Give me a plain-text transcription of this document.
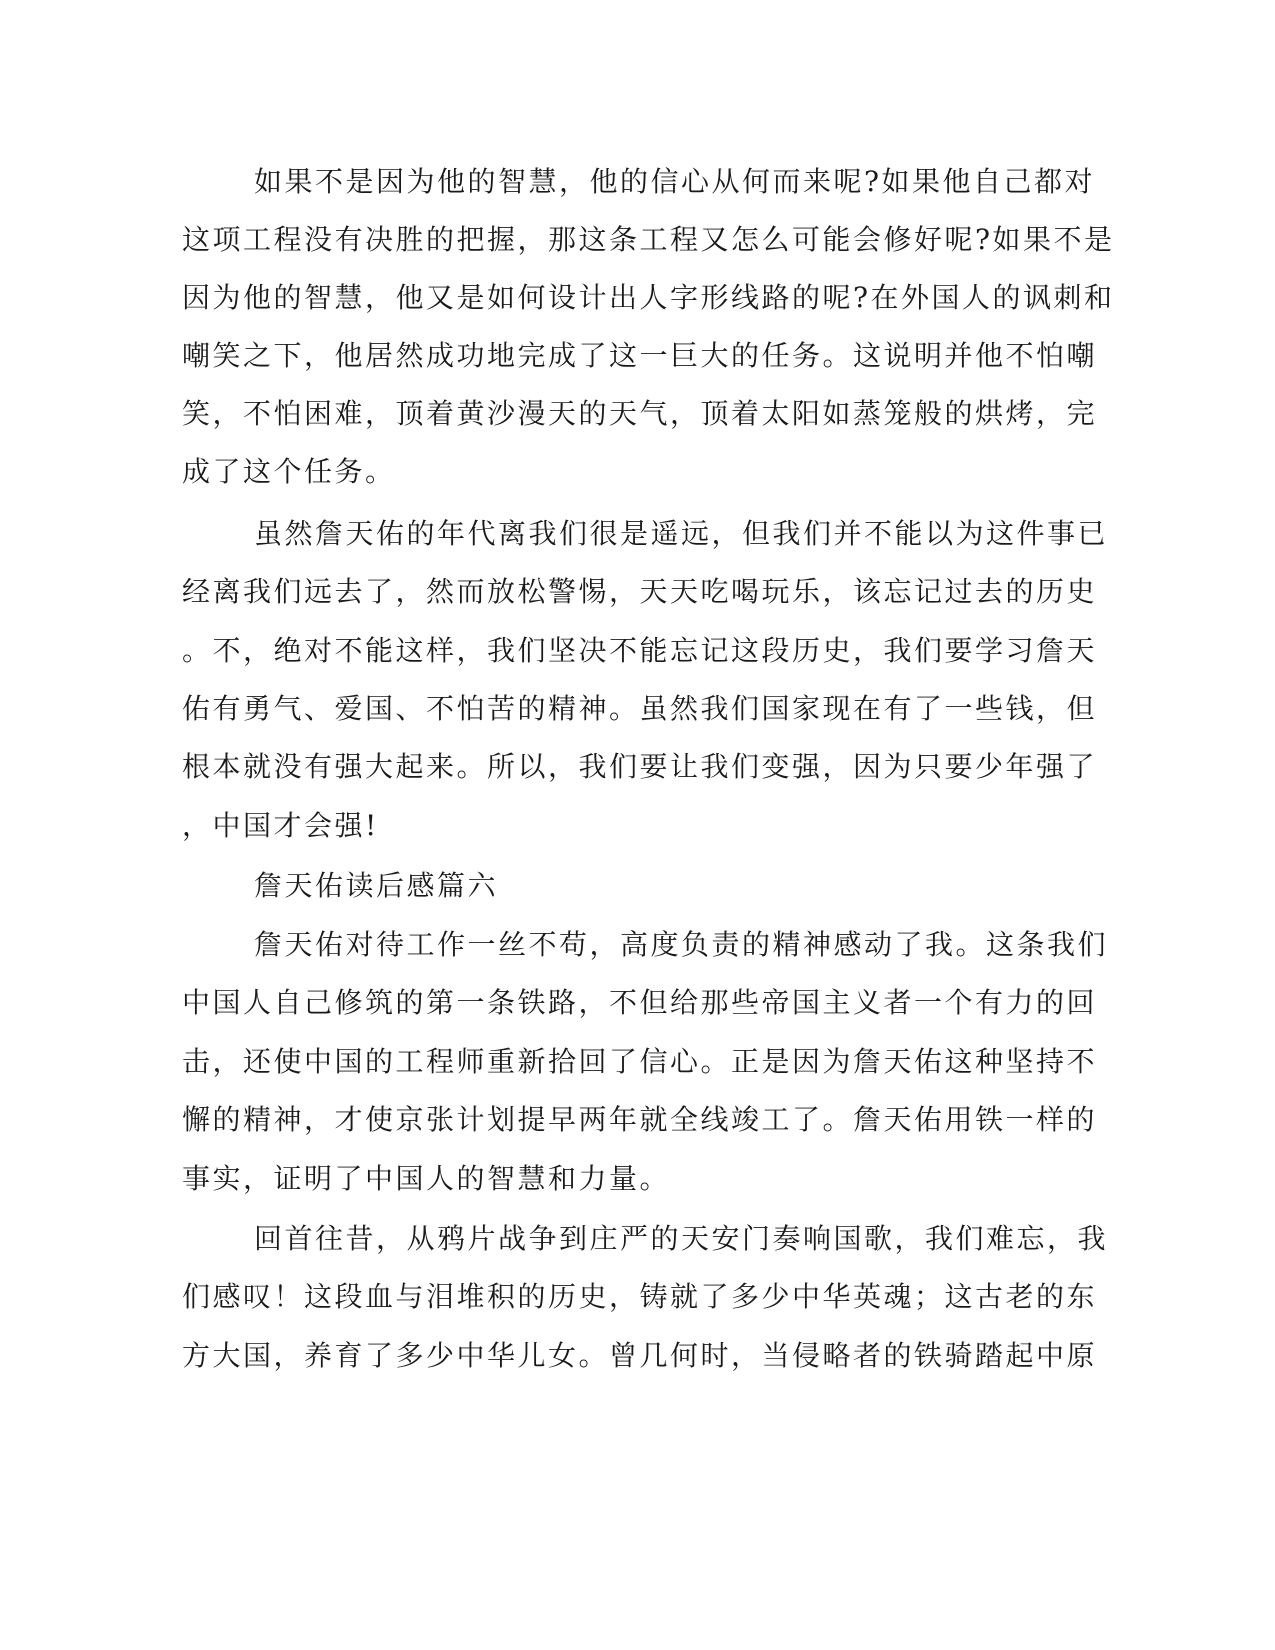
如果不是因为他的智慧，他的信心从何而来呢?如果他自己都对
这项工程没有决胜的把握，那这条工程又怎么可能会修好呢?如果不是
因为他的智慧，他又是如何设计出人字形线路的呢?在外国人的讽刺和
嘲笑之下，他居然成功地完成了这一巨大的任务。这说明并他不怕嘲
笑，不怕困难，顶着黄沙漫天的天气，顶着太阳如蒸笼般的烘烤，完
成了这个任务。
虽然詹天佑的年代离我们很是遥远，但我们并不能以为这件事已
经离我们远去了，然而放松警惕，天天吃喝玩乐，该忘记过去的历史
。不，绝对不能这样，我们坚决不能忘记这段历史，我们要学习詹天
佑有勇气、爱国、不怕苦的精神。虽然我们国家现在有了一些钱，但
根本就没有强大起来。所以，我们要让我们变强，因为只要少年强了
，中国才会强!
詹天佑读后感篇六
詹天佑对待工作一丝不苟，高度负责的精神感动了我。这条我们
中国人自己修筑的第一条铁路，不但给那些帝国主义者一个有力的回
击，还使中国的工程师重新拾回了信心。正是因为詹天佑这种坚持不
懈的精神，才使京张计划提早两年就全线竣工了。詹天佑用铁一样的
事实，证明了中国人的智慧和力量。
回首往昔，从鸦片战争到庄严的天安门奏响国歌，我们难忘，我
们感叹！这段血与泪堆积的历史，铸就了多少中华英魂；这古老的东
方大国，养育了多少中华儿女。曾几何时，当侵略者的铁骑踏起中原
